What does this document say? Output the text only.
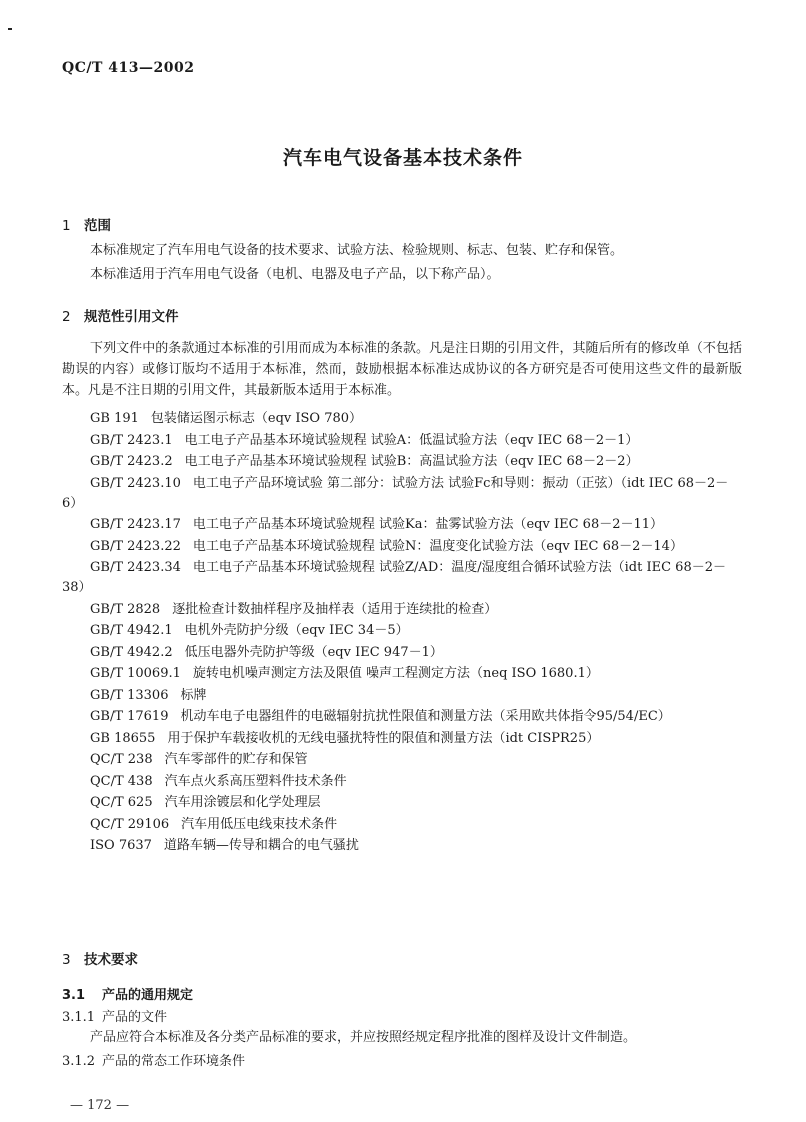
QC/T 413—2002
汽车电气设备基本技术条件
1 范围
本标准规定了汽车用电气设备的技术要求、试验方法、检验规则、标志、包装、贮存和保管。
本标准适用于汽车用电气设备（电机、电器及电子产品，以下称产品）。
2 规范性引用文件
下列文件中的条款通过本标准的引用而成为本标准的条款。凡是注日期的引用文件，其随后所有的修改单（不包括勘误的内容）或修订版均不适用于本标准，然而，鼓励根据本标准达成协议的各方研究是否可使用这些文件的最新版本。凡是不注日期的引用文件，其最新版本适用于本标准。
GB 191 包装储运图示标志（eqv ISO 780）
GB/T 2423.1 电工电子产品基本环境试验规程 试验A：低温试验方法（eqv IEC 68－2－1）
GB/T 2423.2 电工电子产品基本环境试验规程 试验B：高温试验方法（eqv IEC 68－2－2）
GB/T 2423.10 电工电子产品环境试验 第二部分：试验方法 试验Fc和导则：振动（正弦）（idt IEC 68－2－6）
GB/T 2423.17 电工电子产品基本环境试验规程 试验Ka：盐雾试验方法（eqv IEC 68－2－11）
GB/T 2423.22 电工电子产品基本环境试验规程 试验N：温度变化试验方法（eqv IEC 68－2－14）
GB/T 2423.34 电工电子产品基本环境试验规程 试验Z/AD：温度/湿度组合循环试验方法（idt IEC 68－2－38）
GB/T 2828 逐批检查计数抽样程序及抽样表（适用于连续批的检查）
GB/T 4942.1 电机外壳防护分级（eqv IEC 34－5）
GB/T 4942.2 低压电器外壳防护等级（eqv IEC 947－1）
GB/T 10069.1 旋转电机噪声测定方法及限值 噪声工程测定方法（neq ISO 1680.1）
GB/T 13306 标牌
GB/T 17619 机动车电子电器组件的电磁辐射抗扰性限值和测量方法（采用欧共体指令95/54/EC）
GB 18655 用于保护车载接收机的无线电骚扰特性的限值和测量方法（idt CISPR25）
QC/T 238 汽车零部件的贮存和保管
QC/T 438 汽车点火系高压塑料件技术条件
QC/T 625 汽车用涂镀层和化学处理层
QC/T 29106 汽车用低压电线束技术条件
ISO 7637 道路车辆—传导和耦合的电气骚扰
3 技术要求
3.1 产品的通用规定
3.1.1 产品的文件
产品应符合本标准及各分类产品标准的要求，并应按照经规定程序批准的图样及设计文件制造。
3.1.2 产品的常态工作环境条件
— 172 —
